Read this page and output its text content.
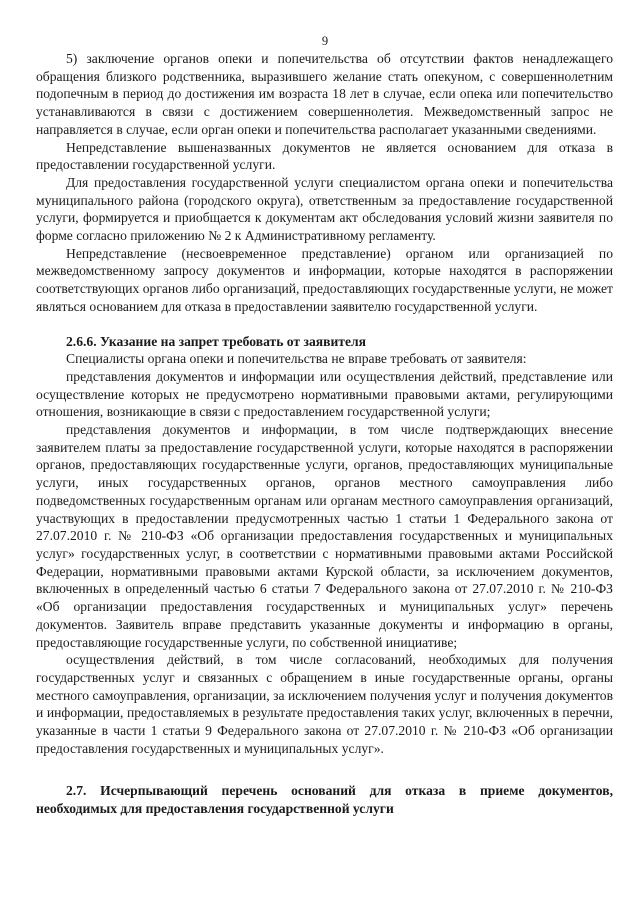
9

5) заключение органов опеки и попечительства об отсутствии фактов ненадлежащего обращения близкого родственника, выразившего желание стать опекуном, с совершеннолетним подопечным в период до достижения им возраста 18 лет в случае, если опека или попечительство устанавливаются в связи с достижением совершеннолетия. Межведомственный запрос не направляется в случае, если орган опеки и попечительства располагает указанными сведениями.

Непредставление вышеназванных документов не является основанием для отказа в предоставлении государственной услуги.

Для предоставления государственной услуги специалистом органа опеки и попечительства муниципального района (городского округа), ответственным за предоставление государственной услуги, формируется и приобщается к документам акт обследования условий жизни заявителя по форме согласно приложению № 2 к Административному регламенту.

Непредставление (несвоевременное представление) органом или организацией по межведомственному запросу документов и информации, которые находятся в распоряжении соответствующих органов либо организаций, предоставляющих государственные услуги, не может являться основанием для отказа в предоставлении заявителю государственной услуги.

2.6.6. Указание на запрет требовать от заявителя

Специалисты органа опеки и попечительства не вправе требовать от заявителя:

представления документов и информации или осуществления действий, представление или осуществление которых не предусмотрено нормативными правовыми актами, регулирующими отношения, возникающие в связи с предоставлением государственной услуги;

представления документов и информации, в том числе подтверждающих внесение заявителем платы за предоставление государственной услуги, которые находятся в распоряжении органов, предоставляющих государственные услуги, органов, предоставляющих муниципальные услуги, иных государственных органов, органов местного самоуправления либо подведомственных государственным органам или органам местного самоуправления организаций, участвующих в предоставлении предусмотренных частью 1 статьи 1 Федерального закона от 27.07.2010 г. № 210-ФЗ «Об организации предоставления государственных и муниципальных услуг» государственных услуг, в соответствии с нормативными правовыми актами Российской Федерации, нормативными правовыми актами Курской области, за исключением документов, включенных в определенный частью 6 статьи 7 Федерального закона от 27.07.2010 г. № 210-ФЗ «Об организации предоставления государственных и муниципальных услуг» перечень документов. Заявитель вправе представить указанные документы и информацию в органы, предоставляющие государственные услуги, по собственной инициативе;

осуществления действий, в том числе согласований, необходимых для получения государственных услуг и связанных с обращением в иные государственные органы, органы местного самоуправления, организации, за исключением получения услуг и получения документов и информации, предоставляемых в результате предоставления таких услуг, включенных в перечни, указанные в части 1 статьи 9 Федерального закона от 27.07.2010 г. № 210-ФЗ «Об организации предоставления государственных и муниципальных услуг».

2.7. Исчерпывающий перечень оснований для отказа в приеме документов, необходимых для предоставления государственной услуги
